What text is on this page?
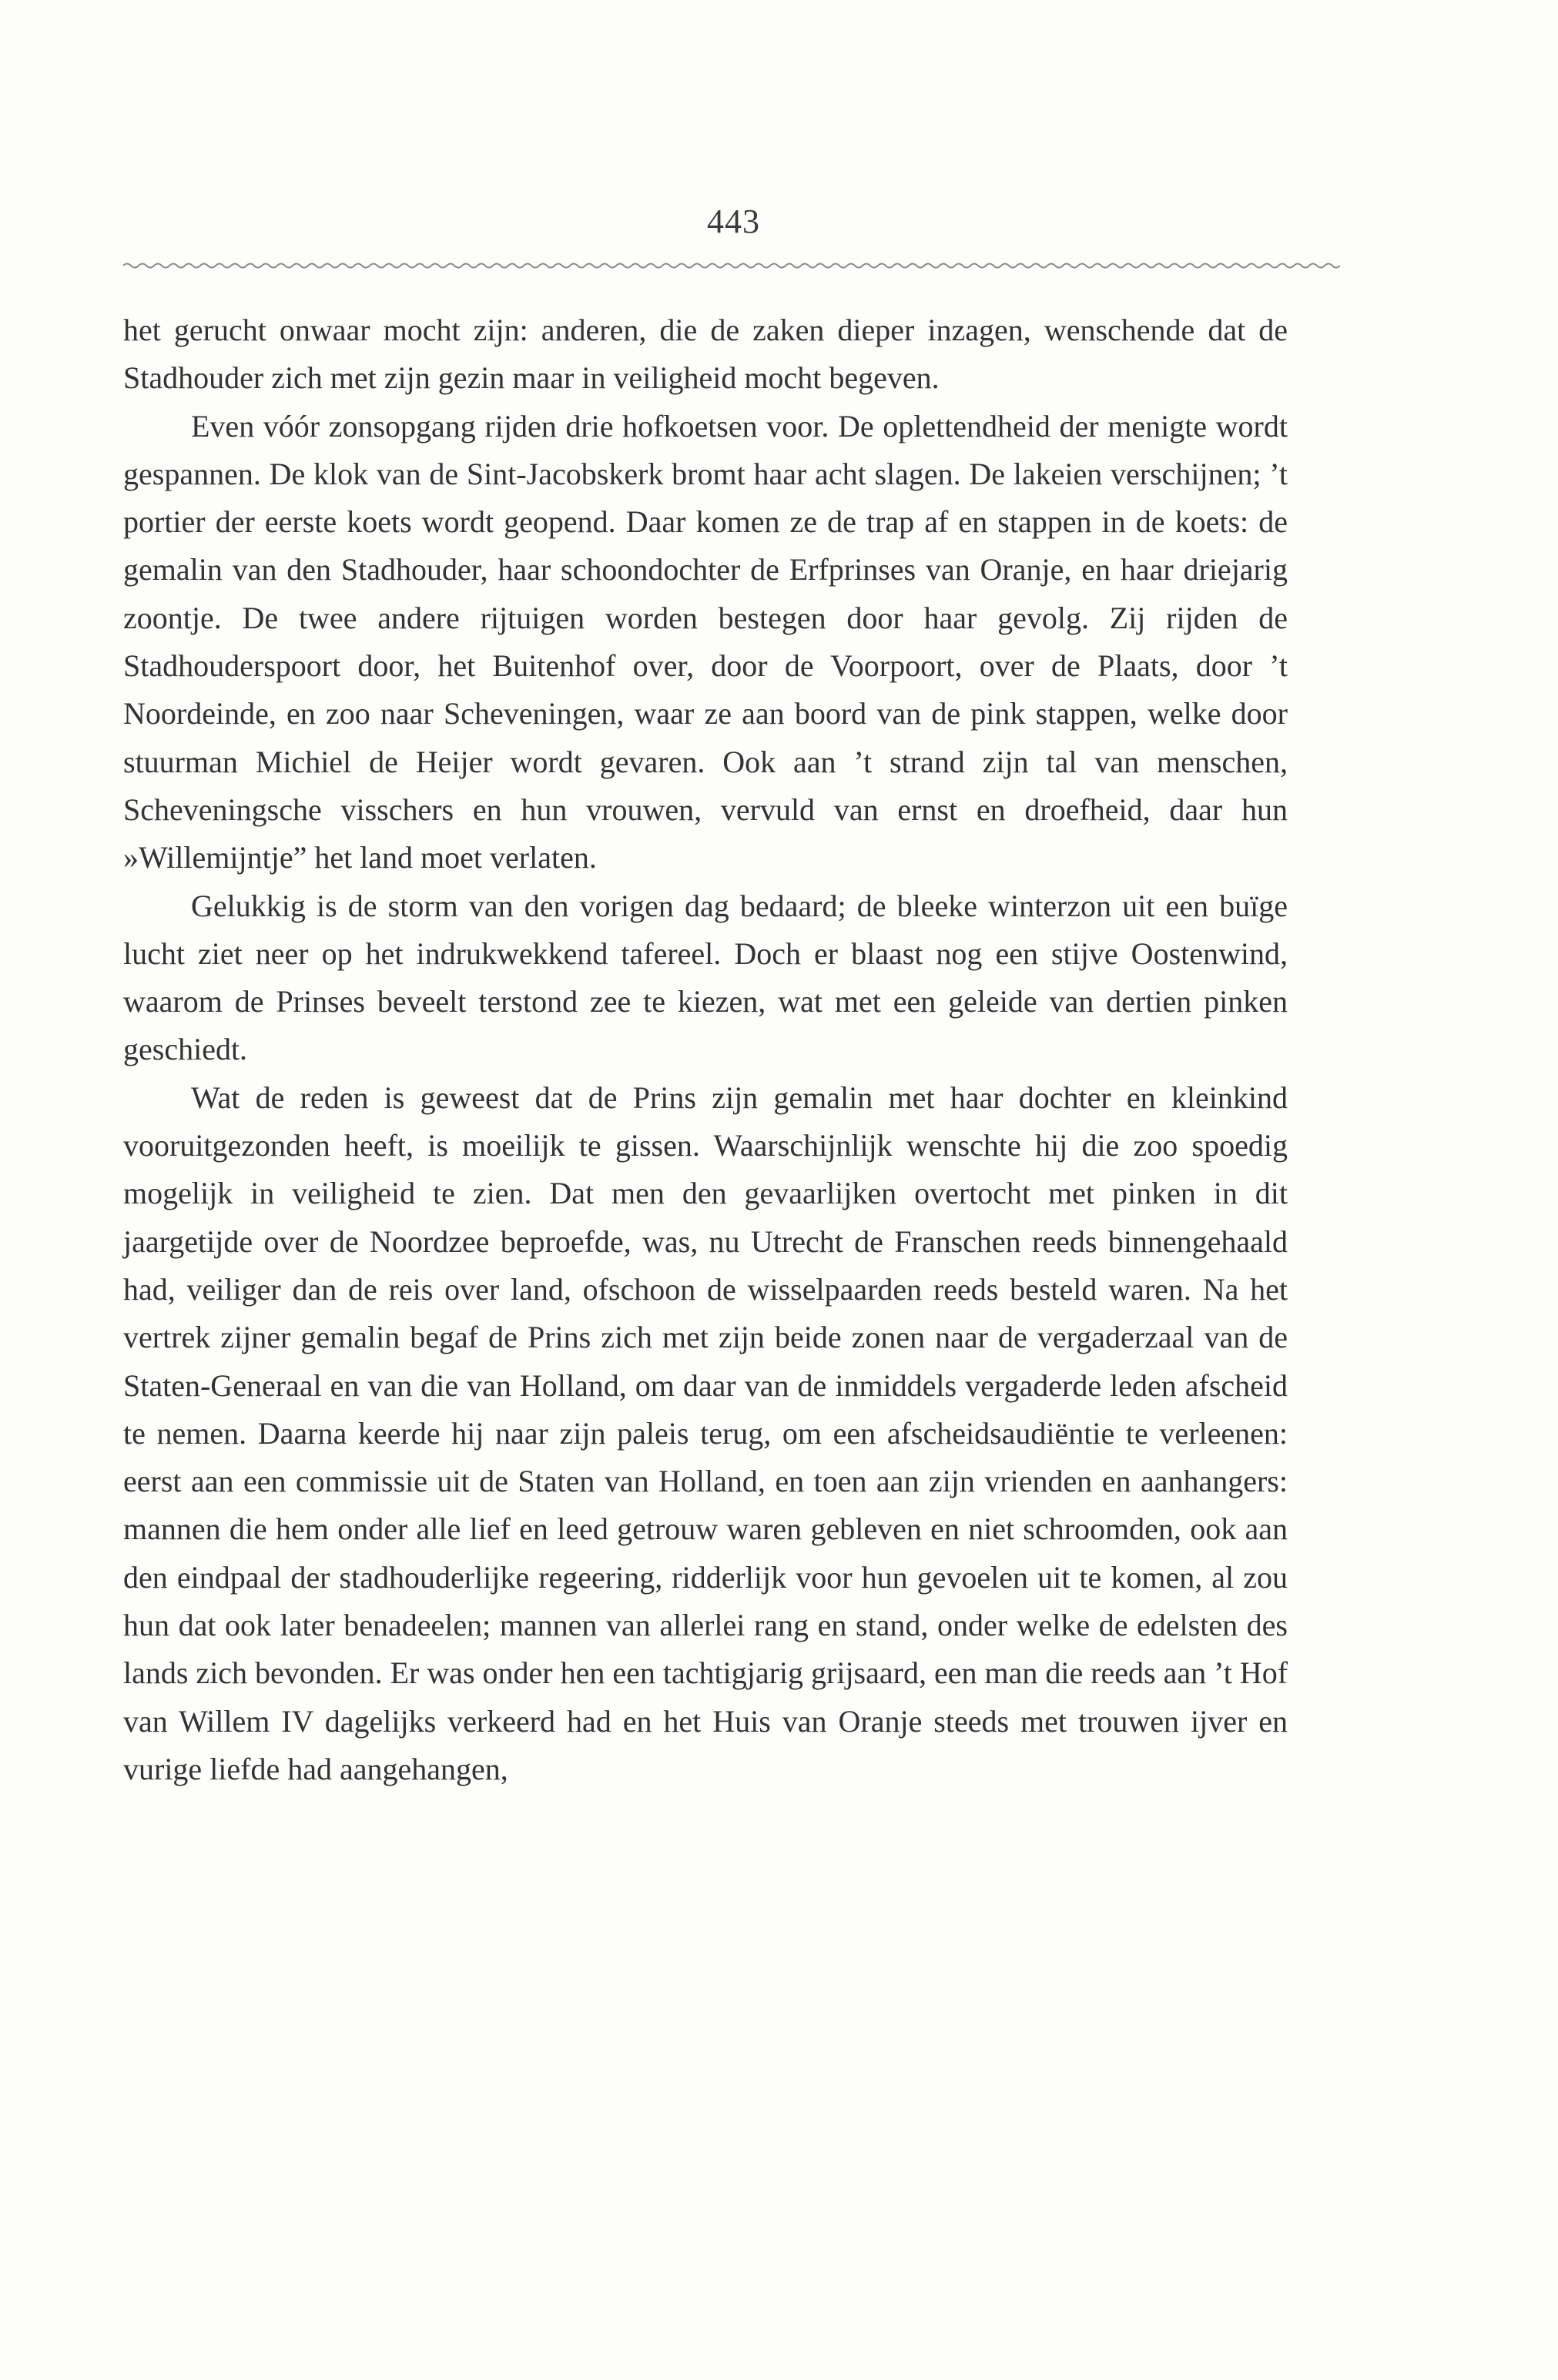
443

het gerucht onwaar mocht zijn: anderen, die de zaken dieper inzagen, wenschende dat de Stadhouder zich met zijn gezin maar in veiligheid mocht begeven.

Even vóór zonsopgang rijden drie hofkoetsen voor. De oplettendheid der menigte wordt gespannen. De klok van de Sint-Jacobskerk bromt haar acht slagen. De lakeien verschijnen; ’t portier der eerste koets wordt geopend. Daar komen ze de trap af en stappen in de koets: de gemalin van den Stadhouder, haar schoondochter de Erfprinses van Oranje, en haar driejarig zoontje. De twee andere rijtuigen worden bestegen door haar gevolg. Zij rijden de Stadhouderspoort door, het Buitenhof over, door de Voorpoort, over de Plaats, door ’t Noordeinde, en zoo naar Scheveningen, waar ze aan boord van de pink stappen, welke door stuurman Michiel de Heijer wordt gevaren. Ook aan ’t strand zijn tal van menschen, Scheveningsche visschers en hun vrouwen, vervuld van ernst en droefheid, daar hun »Willemijntje” het land moet verlaten.

Gelukkig is de storm van den vorigen dag bedaard; de bleeke winterzon uit een buïge lucht ziet neer op het indrukwekkend tafereel. Doch er blaast nog een stijve Oostenwind, waarom de Prinses beveelt terstond zee te kiezen, wat met een geleide van dertien pinken geschiedt.

Wat de reden is geweest dat de Prins zijn gemalin met haar dochter en kleinkind vooruitgezonden heeft, is moeilijk te gissen. Waarschijnlijk wenschte hij die zoo spoedig mogelijk in veiligheid te zien. Dat men den gevaarlijken overtocht met pinken in dit jaargetijde over de Noordzee beproefde, was, nu Utrecht de Franschen reeds binnengehaald had, veiliger dan de reis over land, ofschoon de wisselpaarden reeds besteld waren. Na het vertrek zijner gemalin begaf de Prins zich met zijn beide zonen naar de vergaderzaal van de Staten-Generaal en van die van Holland, om daar van de inmiddels vergaderde leden afscheid te nemen. Daarna keerde hij naar zijn paleis terug, om een afscheidsaudiëntie te verleenen: eerst aan een commissie uit de Staten van Holland, en toen aan zijn vrienden en aanhangers: mannen die hem onder alle lief en leed getrouw waren gebleven en niet schroomden, ook aan den eindpaal der stadhouderlijke regeering, ridderlijk voor hun gevoelen uit te komen, al zou hun dat ook later benadeelen; mannen van allerlei rang en stand, onder welke de edelsten des lands zich bevonden. Er was onder hen een tachtigjarig grijsaard, een man die reeds aan ’t Hof van Willem IV dagelijks verkeerd had en het Huis van Oranje steeds met trouwen ijver en vurige liefde had aangehangen,
